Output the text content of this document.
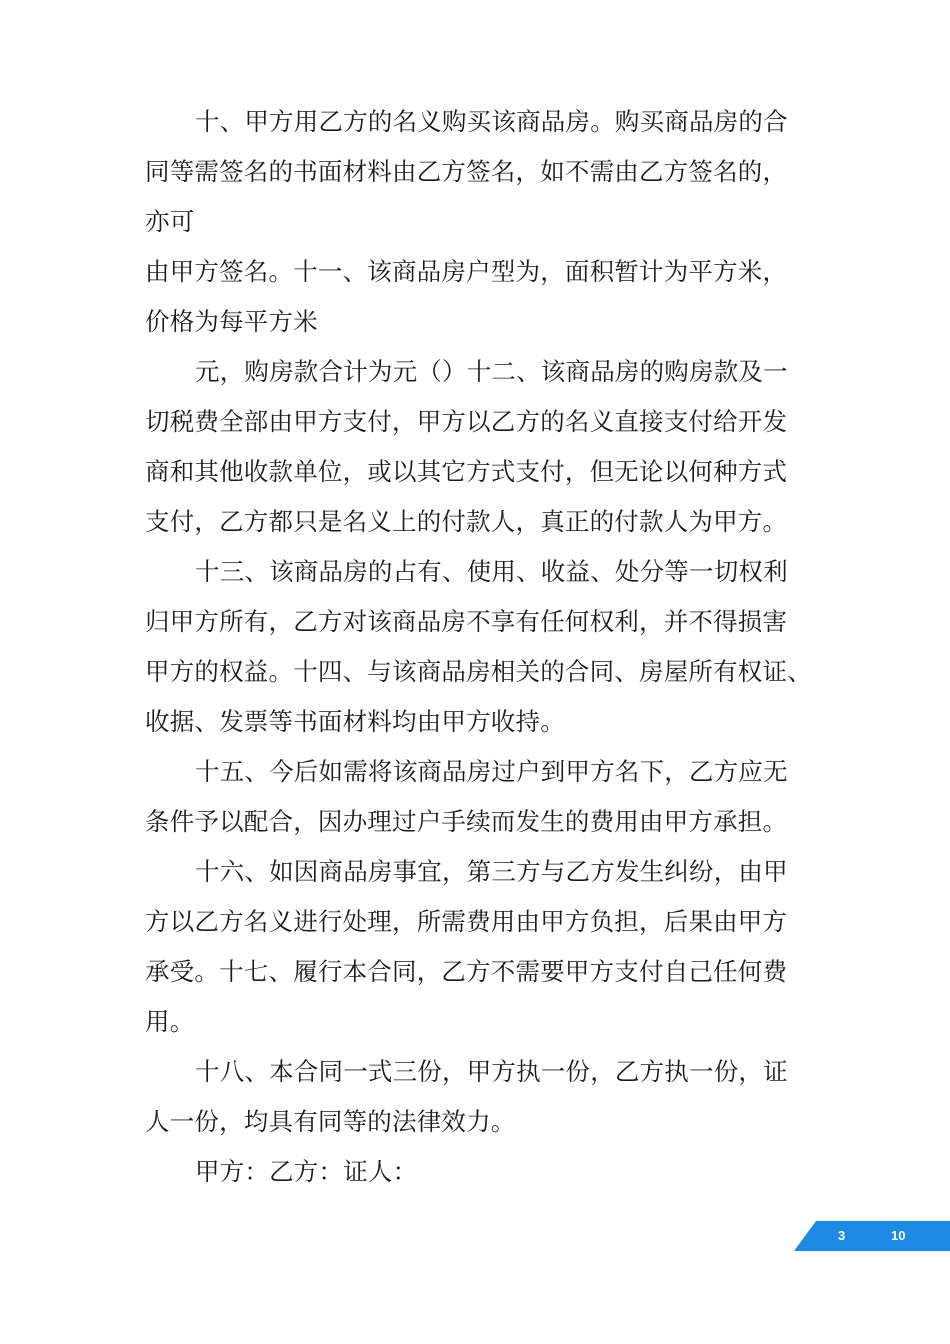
十、甲方用乙方的名义购买该商品房。购买商品房的合
同等需签名的书面材料由乙方签名，如不需由乙方签名的，
亦可
由甲方签名。十一、该商品房户型为，面积暂计为平方米，
价格为每平方米
元，购房款合计为元（）十二、该商品房的购房款及一
切税费全部由甲方支付，甲方以乙方的名义直接支付给开发
商和其他收款单位，或以其它方式支付，但无论以何种方式
支付，乙方都只是名义上的付款人，真正的付款人为甲方。
十三、该商品房的占有、使用、收益、处分等一切权利
归甲方所有，乙方对该商品房不享有任何权利，并不得损害
甲方的权益。十四、与该商品房相关的合同、房屋所有权证、
收据、发票等书面材料均由甲方收持。
十五、今后如需将该商品房过户到甲方名下，乙方应无
条件予以配合，因办理过户手续而发生的费用由甲方承担。
十六、如因商品房事宜，第三方与乙方发生纠纷，由甲
方以乙方名义进行处理，所需费用由甲方负担，后果由甲方
承受。十七、履行本合同，乙方不需要甲方支付自己任何费
用。
十八、本合同一式三份，甲方执一份，乙方执一份，证
人一份，均具有同等的法律效力。
甲方：乙方：证人：
3	10
